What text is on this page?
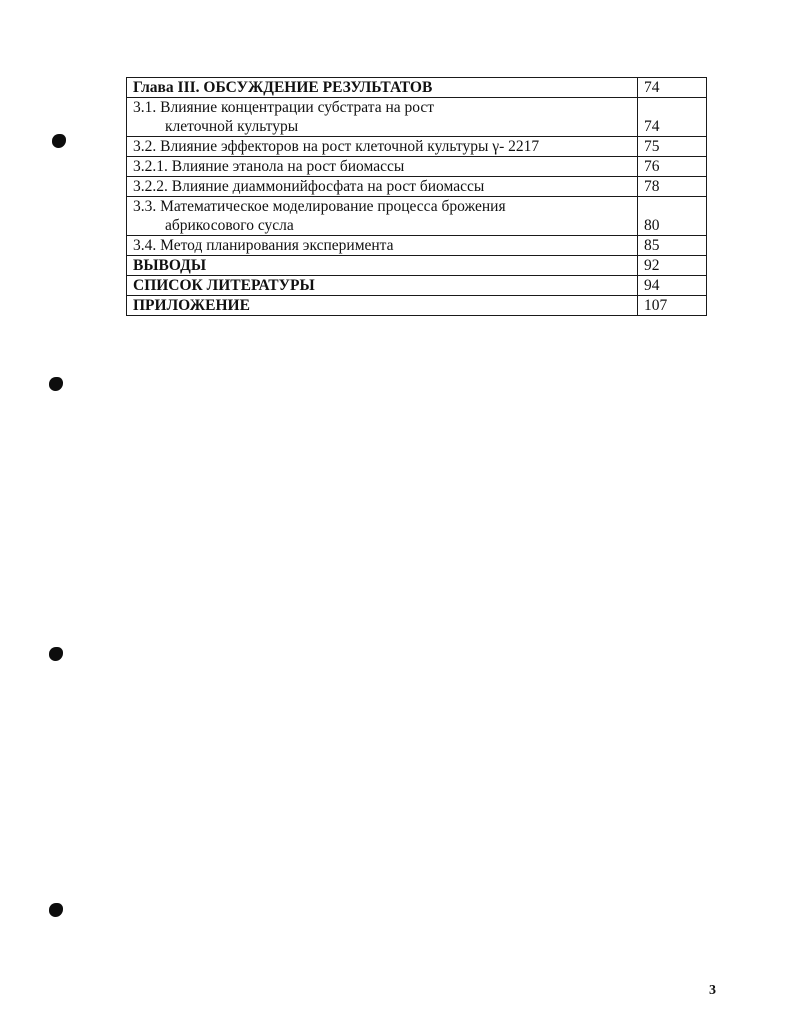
Глава III. ОБСУЖДЕНИЕ РЕЗУЛЬТАТОВ	74

3.1. Влияние концентрации субстрата на рост
клеточной культуры	74
3.2. Влияние эффекторов на рост клеточной культуры γ- 2217	75
3.2.1. Влияние этанола на рост биомассы	76
3.2.2. Влияние диаммонийфосфата на рост биомассы	78

3.3. Математическое моделирование процесса брожения
абрикосового сусла	80
3.4. Метод планирования эксперимента	85
ВЫВОДЫ	92
СПИСОК ЛИТЕРАТУРЫ	94
ПРИЛОЖЕНИЕ	107
3
